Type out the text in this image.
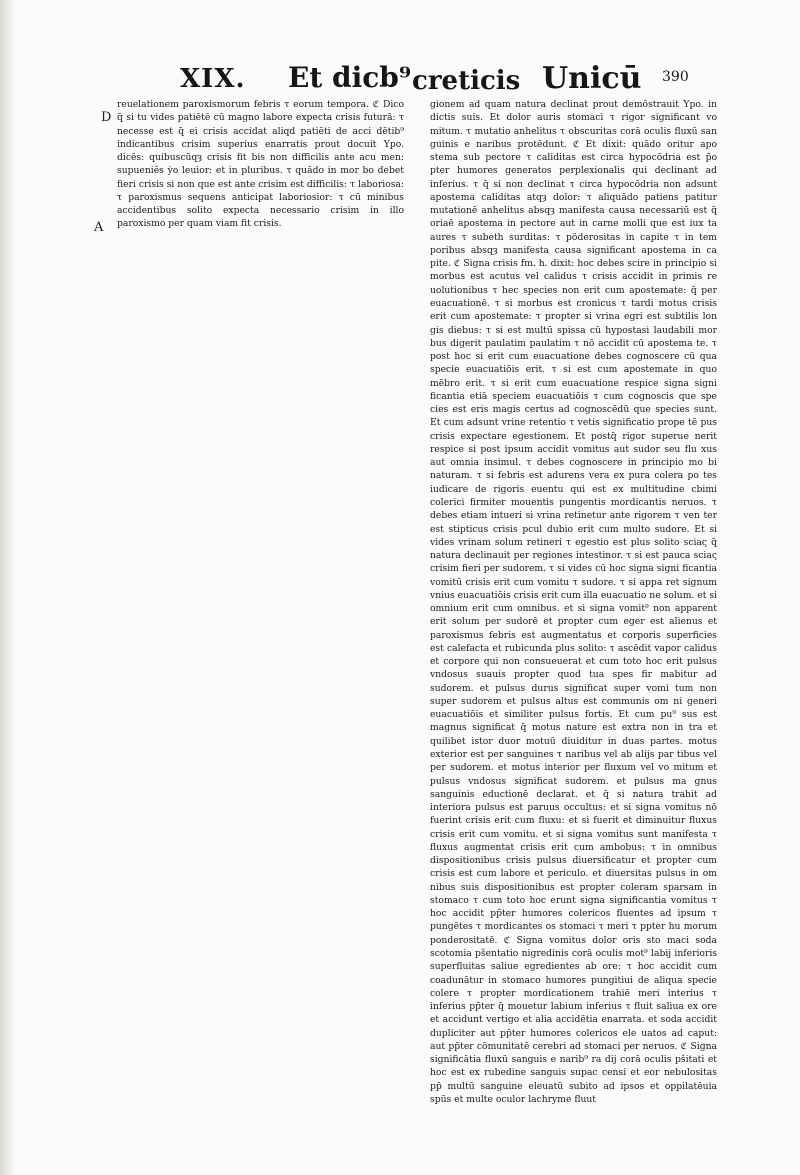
XIX. Et dicb⁹ creticis Unicū 390
D
A

reuelationem paroxismorum febris τ eorum tempora. ℭ Dico q̄ si tu vides patiētē cū magno labore expecta crisis futurā: τ necesse est q̄ ei crisis accidat aliqd patiēti de acci dētib⁹ indicantibus crisim superius enarratis prout docuit Ypo. dicēs: quibuscūqȝ crisis fit bis non difficilis ante acu men: supueniēs ẏo leuior: et in pluribus. τ quādo in mor bo debet fieri crisis si non que est ante crisim est difficilis: τ laboriosa: τ paroxismus sequens anticipat laboriosior: τ cū minibus accidentibus solito expecta necessario crisim in illo paroxismo per quam viam fit crisis.

gionem ad quam natura declinat prout demōstrauit Ypo. in dictis suis. Et dolor auris stomaci τ rigor significant vo mitum. τ mutatio anhelitus τ obscuritas corā oculis fluxū san guinis e naribus protēdunt. ℭ Et dixit: quādo oritur apo stema sub pectore τ caliditas est circa hypocōdria est p̄o pter humores generatos perplexionalis qui declinant ad inferius. τ q̄ si non declinat τ circa hypocōdria non adsunt apostema caliditas atqȝ dolor: τ aliquādo patiens patitur mutationē anhelitus absqȝ manifesta causa necessariū est q̄ oriaē apostema in pectore aut in carne molli que est iux ta aures τ subeth surditas: τ pōderositas in capite τ in tem poribus absqȝ manifesta causa significant apostema in ca pite. ℭ Signa crisis fm. h. dixit: hoc debes scire in principio si morbus est acutus vel calidus τ crisis accidit in primis re uolutionibus τ hec species non erit cum apostemate: q̄ per euacuationē. τ si morbus est cronicus τ tardi motus crisis erit cum apostemate: τ propter si vrina egri est subtilis lon gis diebus: τ si est multū spissa cū hypostasi laudabili mor bus digerit paulatim paulatim τ nō accidit cū apostema te. τ post hoc si erit cum euacuatione debes cognoscere cū qua specie euacuatiōis erit. τ si est cum apostemate in quo mēbro erit. τ si erit cum euacuatione respice signa signi ficantia etiā speciem euacuatiōis τ cum cognoscis que spe cies est eris magis certus ad cognoscēdū que species sunt. Et cum adsunt vrine retentio τ vetis significatio prope tē pus crisis expectare egestionem. Et postq̄ rigor superue nerit respice si post ipsum accidit vomitus aut sudor seu flu xus aut omnia insimul. τ debes cognoscere in principio mo bi naturam. τ si febris est adurens vera ex pura colera po tes iudicare de rigoris euentu qui est ex multitudine cbimi colerici firmiter mouentis pungentis mordicantis neruos. τ debes etiam intueri si vrina retinetur ante rigorem τ ven ter est stipticus crisis pcul dubio erit cum multo sudore. Et si vides vrinam solum retineri τ egestio est plus solito sciaς q̄ natura declinauit per regiones intestinor. τ si est pauca sciaς crisim fieri per sudorem. τ si vides cū hoc signa signi ficantia vomitū crisis erit cum vomitu τ sudore. τ si appa ret signum vnius euacuatiōis crisis erit cum illa euacuatio ne solum. et si omnium erit cum omnibus. et si signa vomit⁹ non apparent erit solum per sudorē et propter cum eger est alienus et paroxismus febris est augmentatus et corporis superficies est calefacta et rubicunda plus solito: τ ascēdit vapor calidus et corpore qui non consueuerat et cum toto hoc erit pulsus vndosus suauis propter quod tua spes fir mabitur ad sudorem. et pulsus durus significat super vomi tum non super sudorem et pulsus altus est communis om ni generi euacuatiōis et similiter pulsus fortis. Et cum pu⁹ sus est magnus significat q̄ motus nature est extra non in tra et quilibet istor duor motuū diuiditur in duas partes. motus exterior est per sanguines τ naribus vel ab alijs par tibus vel per sudorem. et motus interior per fluxum vel vo mitum et pulsus vndosus significat sudorem. et pulsus ma gnus sanguinis eductionē declarat. et q̄ si natura trahit ad interiora pulsus est paruus occultus: et si signa vomitus nō fuerint crisis erit cum fluxu: et si fuerit et diminuitur fluxus crisis erit cum vomitu. et si signa vomitus sunt manifesta τ fluxus augmentat crisis erit cum ambobus: τ in omnibus dispositionibus crisis pulsus diuersificatur et propter cum crisis est cum labore et periculo. et diuersitas pulsus in om nibus suis dispositionibus est propter coleram sparsam in stomaco τ cum toto hoc erunt signa significantia vomitus τ hoc accidit pp̄ter humores colericos fluentes ad ipsum τ pungētes τ mordicantes os stomaci τ meri τ ppter hu morum ponderositatē. ℭ Signa vomitus dolor oris sto maci soda scotomia pšentatio nigredinis corā oculis mot⁹ labij inferioris superfluitas saliue egredientes ab ore: τ hoc accidit cum coadunātur in stomaco humores pungitiui de aliqua specie colere τ propter mordicationem trahiē meri interius τ inferius pp̄ter q̄ mouetur labium inferius τ fluit saliua ex ore et accidunt vertigo et alia accidētia enarrata. et soda accidit dupliciter aut pp̄ter humores colericos ele uatos ad caput: aut pp̄ter cōmunitatē cerebri ad stomaci per neruos. ℭ Signa significātia fluxū sanguis e narib⁹ ra dij corā oculis pšitati et hoc est ex rubedine sanguis supac censi et eor nebulositas pp̄ multū sanguine eleuatū subito ad ipsos et oppilatēuia spūs et multe oculor lachryme fluut
